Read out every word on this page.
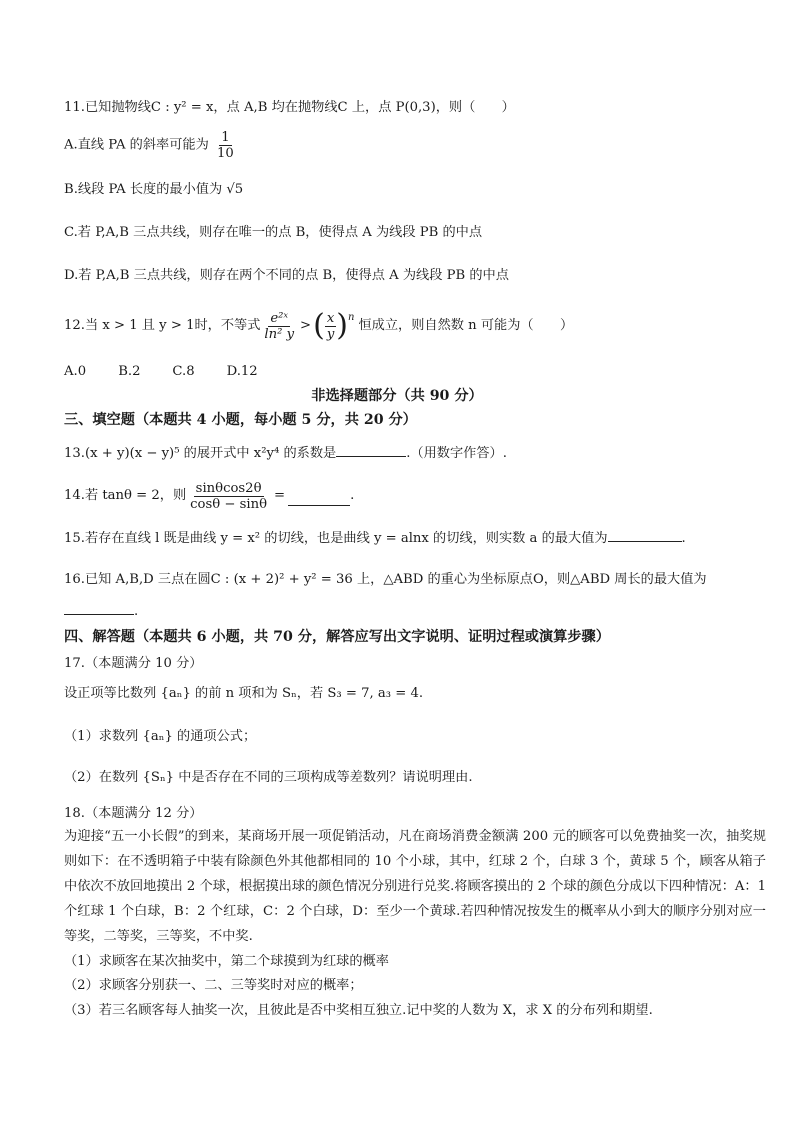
11.已知抛物线C : y² = x，点 A,B 均在抛物线C 上，点 P(0,3)，则（　　）
A.直线 PA 的斜率可能为 $\frac{1}{10}$
B.线段 PA 长度的最小值为 √5
C.若 P,A,B 三点共线，则存在唯一的点 B，使得点 A 为线段 PB 的中点
D.若 P,A,B 三点共线，则存在两个不同的点 B，使得点 A 为线段 PB 的中点
12.当 x > 1 且 y > 1时，不等式 $\frac{\text{e²ˣ}}{\text{ln² y}}$ > ( $\frac{x}{y}$ ) n
恒成立，则自然数 n 可能为（　　）
A.0 B.2 C.8 D.12
非选择题部分（共 90 分）
三、填空题（本题共 4 小题，每小题 5 分，共 20 分）
13.(x + y)(x − y)⁵ 的展开式中 x²y⁴ 的系数是	.（用数字作答）.
14.若 tanθ = 2，则 $\frac{\sin\theta\cos 2\theta}{\cos\theta - \sin\theta}$ =	.
15.若存在直线 l 既是曲线 y = x² 的切线，也是曲线 y = alnx 的切线，则实数 a 的最大值为	.
16.已知 A,B,D 三点在圆C : (x + 2)² + y² = 36 上，△ABD 的重心为坐标原点O，则△ABD 周长的最大值为
.
四、解答题（本题共 6 小题，共 70 分，解答应写出文字说明、证明过程或演算步骤）
17.（本题满分 10 分）
设正项等比数列 {aₙ} 的前 n 项和为 Sₙ，若 S₃ = 7, a₃ = 4.
（1）求数列 {aₙ} 的通项公式；
（2）在数列 {Sₙ} 中是否存在不同的三项构成等差数列？请说明理由.
18.（本题满分 12 分）
为迎接“五一小长假”的到来，某商场开展一项促销活动，凡在商场消费金额满 200 元的顾客可以免费抽奖一次，抽奖规则如下：在不透明箱子中装有除颜色外其他都相同的 10 个小球，其中，红球 2 个，白球 3 个，黄球 5 个，顾客从箱子中依次不放回地摸出 2 个球，根据摸出球的颜色情况分别进行兑奖.将顾客摸出的 2 个球的颜色分成以下四种情况：A：1 个红球 1 个白球，B：2 个红球，C：2 个白球，D：至少一个黄球.若四种情况按发生的概率从小到大的顺序分别对应一等奖，二等奖，三等奖，不中奖.
（1）求顾客在某次抽奖中，第二个球摸到为红球的概率
（2）求顾客分别获一、二、三等奖时对应的概率；
（3）若三名顾客每人抽奖一次，且彼此是否中奖相互独立.记中奖的人数为 X，求 X 的分布列和期望.
